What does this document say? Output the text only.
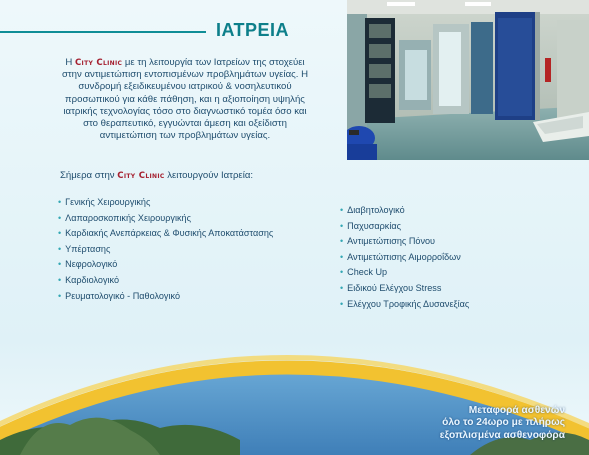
ΙΑΤΡΕΙΑ

Η City Clinic με τη λειτουργία των Ιατρείων της στοχεύει στην αντιμετώπιση εντοπισμένων προβλημάτων υγείας. Η συνδρομή εξειδικευμένου ιατρικού & νοσηλευτικού προσωπικού για κάθε πάθηση, και η αξιοποίηση υψηλής ιατρικής τεχνολογίας τόσο στο διαγνωστικό τομέα όσο και στο θεραπευτικό, εγγυώνται άμεση και οξείδιστη αντιμετώπιση των προβλημάτων υγείας.

Σήμερα στην City Clinic λειτουργούν Ιατρεία:

• Γενικής Χειρουργικής
• Λαπαροσκοπικής Χειρουργικής
• Καρδιακής Ανεπάρκειας & Φυσικής Αποκατάστασης
• Υπέρτασης
• Νεφρολογικό
• Καρδιολογικό
• Ρευματολογικό - Παθολογικό
• Διαβητολογικό
• Παχυσαρκίας
• Αντιμετώπισης Πόνου
• Αντιμετώπισης Αιμορροΐδων
• Check Up
• Ειδικού Ελέγχου Stress
• Ελέγχου Τροφικής Δυσανεξίας

Μεταφορά ασθενών
όλο το 24ωρο με πλήρως
εξοπλισμένα ασθενοφόρα
